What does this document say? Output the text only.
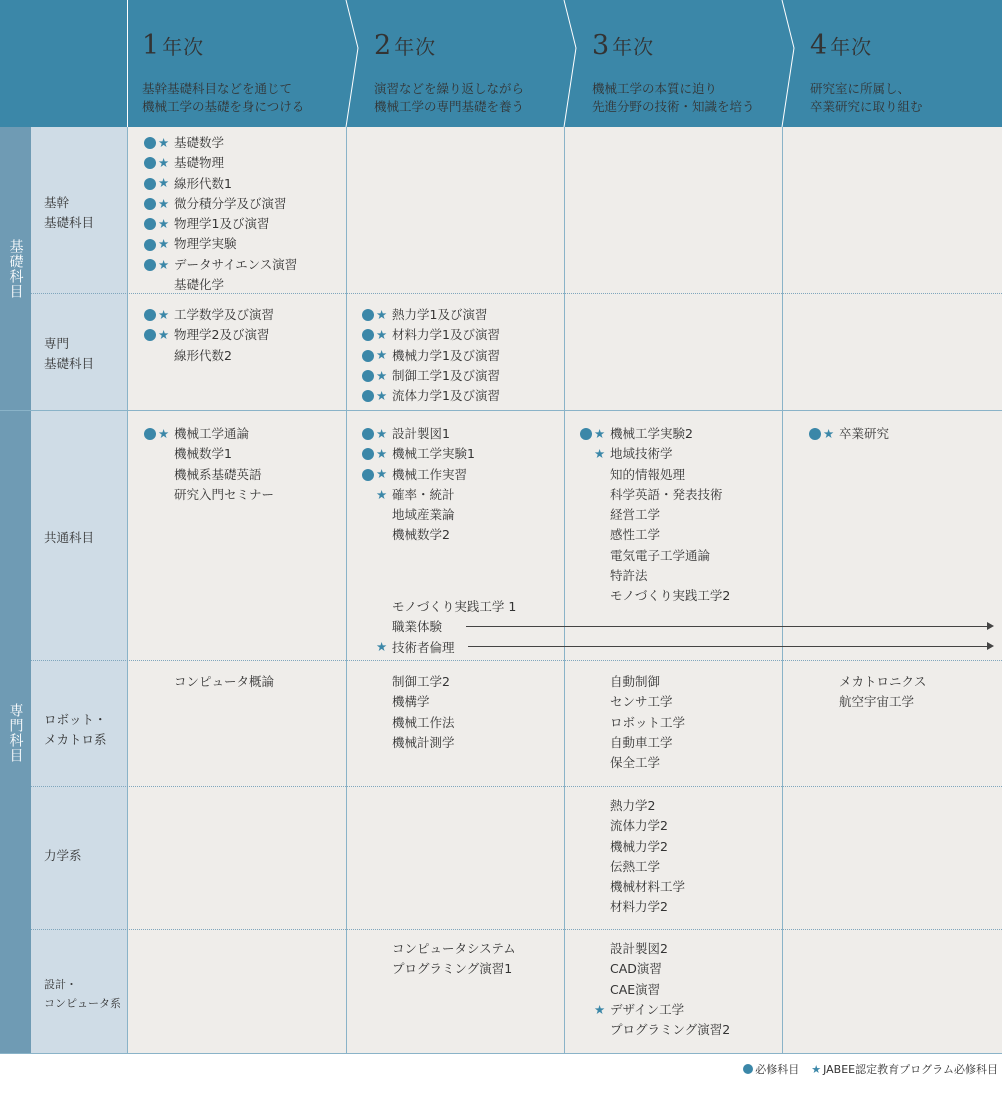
1 年次
基幹基礎科目などを通じて
機械工学の基礎を身につける
2 年次
演習などを繰り返しながら
機械工学の専門基礎を養う
3 年次
機械工学の本質に迫り
先進分野の技術・知識を培う
4 年次
研究室に所属し、
卒業研究に取り組む
基礎科目
専門科目
基幹
基礎科目
専門
基礎科目
共通科目
ロボット・
メカトロ系
力学系
設計・
コンピュータ系
★ 基礎数学
★ 基礎物理
★ 線形代数1
★ 微分積分学及び演習
★ 物理学1及び演習
★ 物理学実験
★ データサイエンス演習
基礎化学
★ 工学数学及び演習
★ 物理学2及び演習
線形代数2
★ 熱力学1及び演習
★ 材料力学1及び演習
★ 機械力学1及び演習
★ 制御工学1及び演習
★ 流体力学1及び演習
★ 機械工学通論
機械数学1
機械系基礎英語
研究入門セミナー
★ 設計製図1
★ 機械工学実験1
★ 機械工作実習
★ 確率・統計
地域産業論
機械数学2
★ 機械工学実験2
★ 地域技術学
知的情報処理
科学英語・発表技術
経営工学
感性工学
電気電子工学通論
特許法
モノづくり実践工学2
★ 卒業研究
モノづくり実践工学 1
職業体験
★ 技術者倫理
コンピュータ概論	制御工学2
機構学
機械工作法
機械計測学
自動制御
センサ工学
ロボット工学
自動車工学
保全工学
メカトロニクス
航空宇宙工学
熱力学2
流体力学2
機械力学2
伝熱工学
機械材料工学
材料力学2
コンピュータシステム
プログラミング演習1
設計製図2
CAD演習
CAE演習
★ デザイン工学
プログラミング演習2
必修科目 ★ JABEE認定教育プログラム必修科目
